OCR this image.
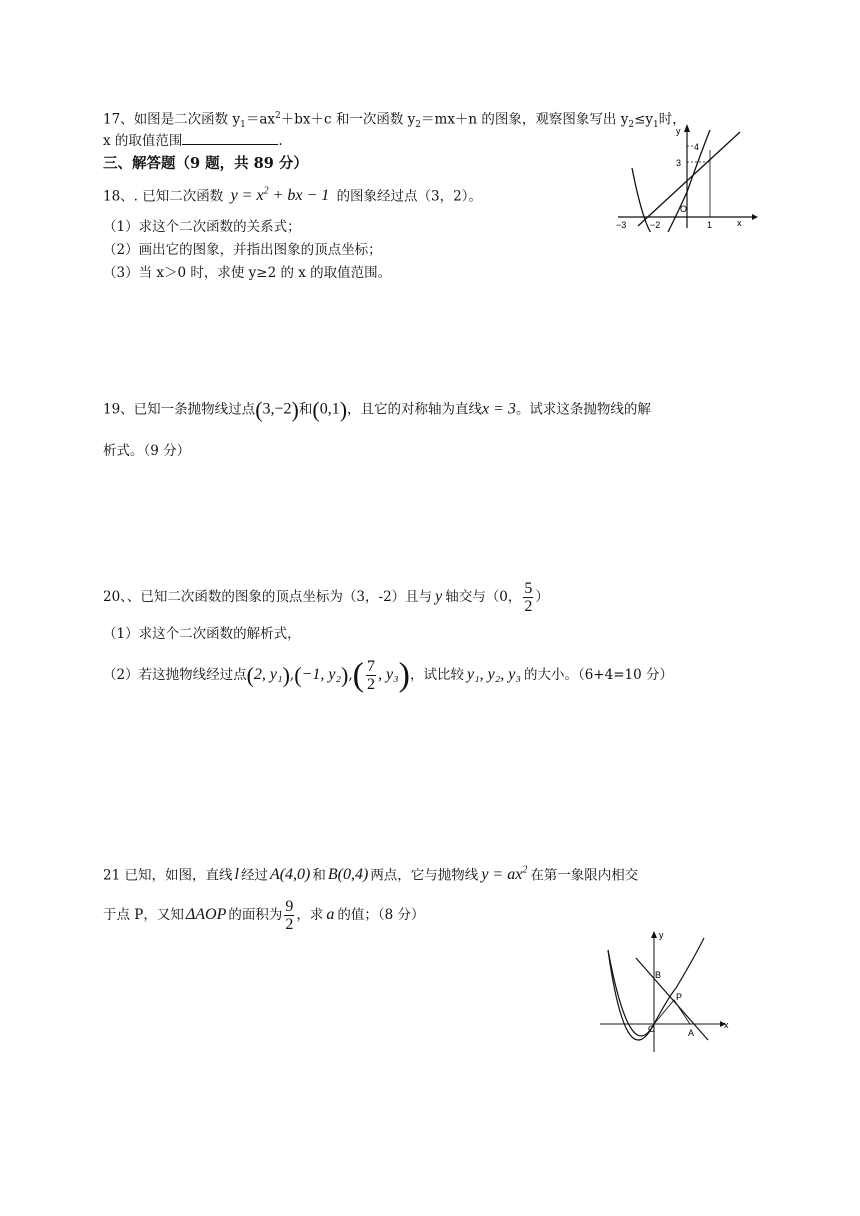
17、如图是二次函数 $y_1=ax^2+bx+c$ 和一次函数 $y_2=mx+n$ 的图象，观察图象写出 $y_2\le y_1$时，
x 的取值范围	.
三、解答题（9 题，共 89 分）
18、. 已知二次函数 $y = x^2$ + bx − 1 的图象经过点（3，2）。
（1）求这个二次函数的关系式；
（2）画出它的图象，并指出图象的顶点坐标；
（3）当 x＞0 时，求使 y≥2 的 x 的取值范围。
y
4
3
−3	−2
O
1	x
19、已知一条抛物线过点(3,−2)和(0,1)，且它的对称轴为直线x = 3。试求这条抛物线的解
析式。（9 分）
20、、已知二次函数的图象的顶点坐标为（3，-2）且与 y 轴交与（0， $\frac{5}{2}$ ）
（1）求这个二次函数的解析式，
（2）若这抛物线经过点(2, y₁),(−1, $y_2),( \frac{7}{2}$ , y₃)，试比较 y₁, y₂, y₃ 的大小。（6+4=10 分）
21 已知，如图，直线 l 经过 A(4,0) 和 B(0,4) 两点，它与抛物线 $y = ax^2$ 在第一象限内相交
于点 P，又知 ΔAOP 的面积为 $\frac{9}{2}$ ，求 a 的值；（8 分）
y
B
P
O	A
x
